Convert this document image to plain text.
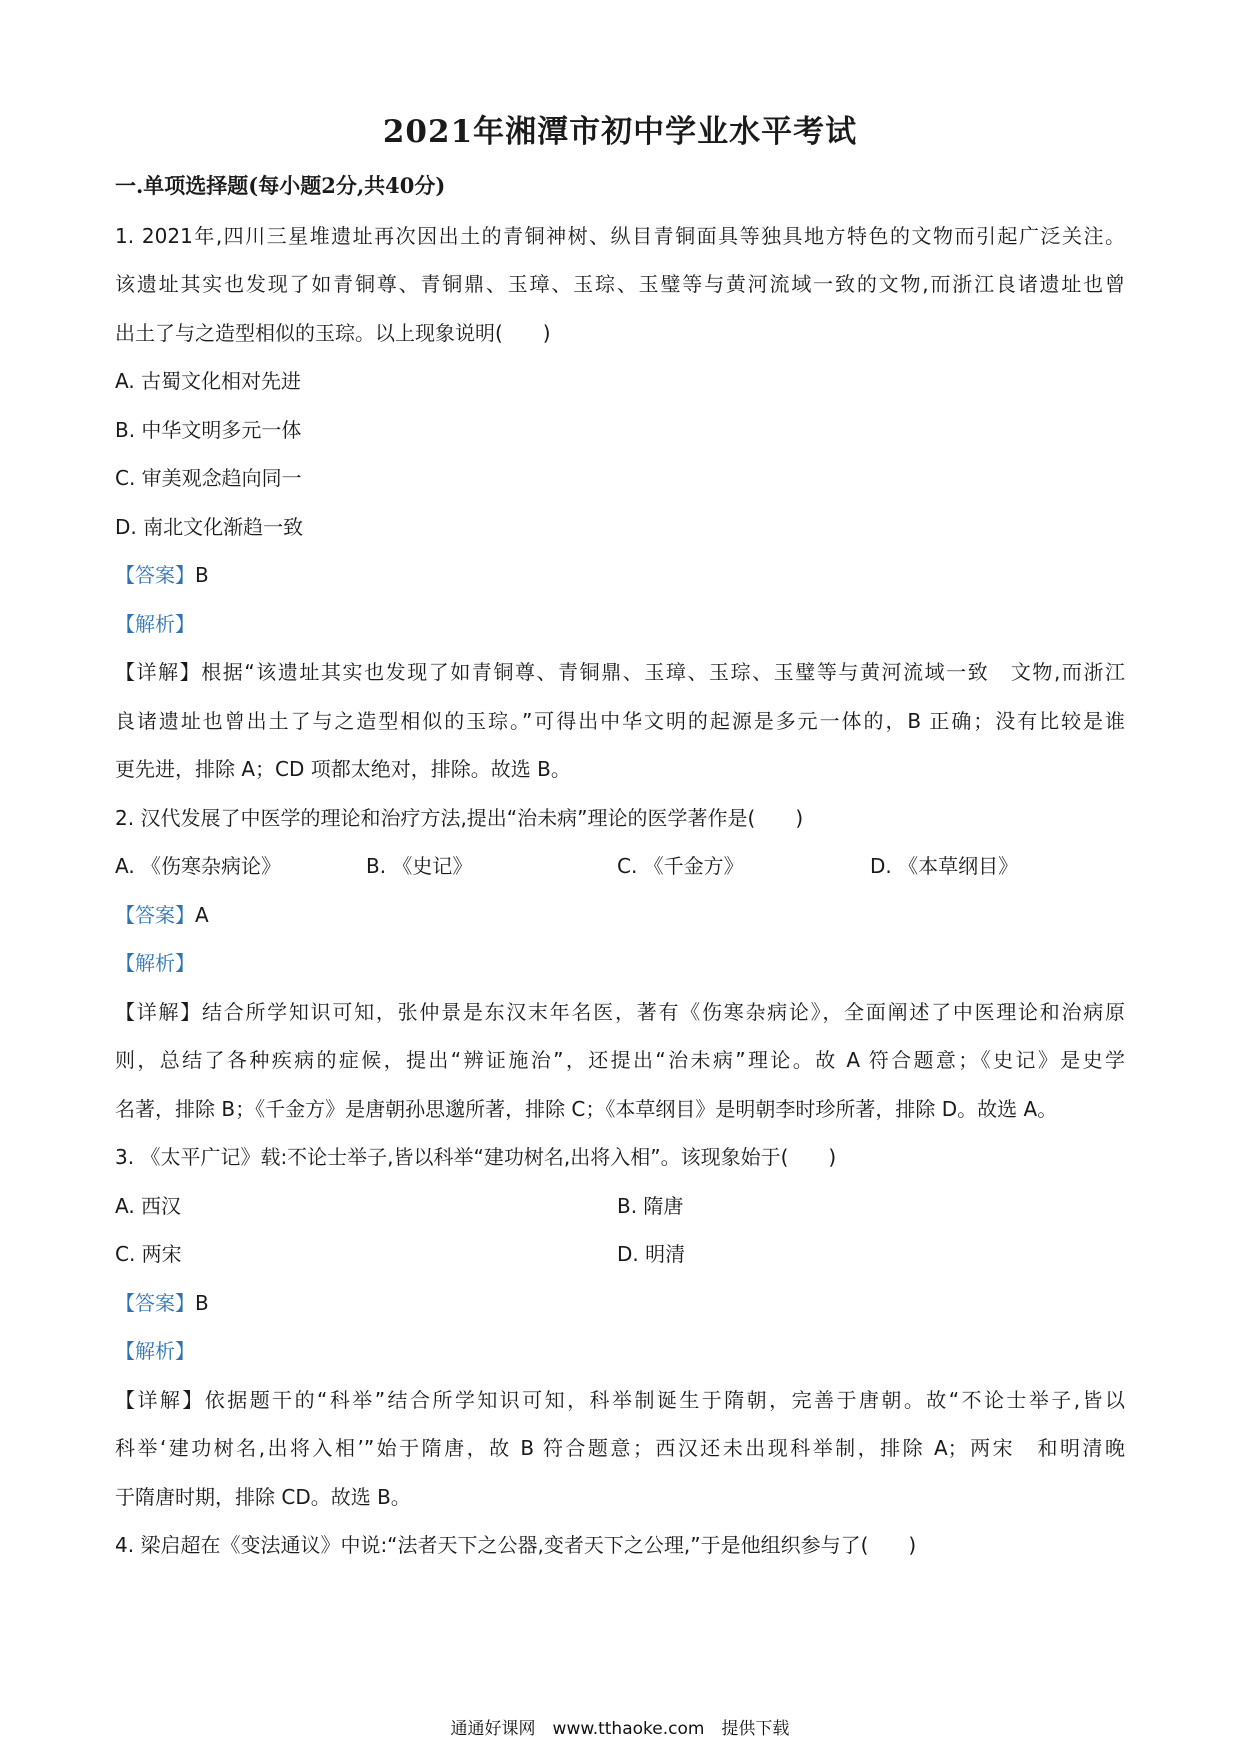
2021年湘潭市初中学业水平考试
一.单项选择题(每小题2分,共40分)
1. 2021年,四川三星堆遗址再次因出土的青铜神树、纵目青铜面具等独具地方特色的文物而引起广泛关注。
该遗址其实也发现了如青铜尊、青铜鼎、玉璋、玉琮、玉璧等与黄河流域一致的文物,而浙江良诸遗址也曾
出土了与之造型相似的玉琮。以上现象说明(　　)
A. 古蜀文化相对先进
B. 中华文明多元一体
C. 审美观念趋向同一
D. 南北文化渐趋一致
【答案】B
【解析】
【详解】根据“该遗址其实也发现了如青铜尊、青铜鼎、玉璋、玉琮、玉璧等与黄河流域一致　文物,而浙江
良诸遗址也曾出土了与之造型相似的玉琮。”可得出中华文明的起源是多元一体的，B 正确；没有比较是谁
更先进，排除 A；CD 项都太绝对，排除。故选 B。
2. 汉代发展了中医学的理论和治疗方法,提出“治未病”理论的医学著作是(　　)
A. 《伤寒杂病论》	B. 《史记》	C. 《千金方》	D. 《本草纲目》
【答案】A
【解析】
【详解】结合所学知识可知，张仲景是东汉末年名医，著有《伤寒杂病论》，全面阐述了中医理论和治病原
则，总结了各种疾病的症候，提出“辨证施治”，还提出“治未病”理论。故 A 符合题意；《史记》是史学
名著，排除 B；《千金方》是唐朝孙思邈所著，排除 C；《本草纲目》是明朝李时珍所著，排除 D。故选 A。
3. 《太平广记》载:不论士举子,皆以科举“建功树名,出将入相”。该现象始于(　　)
A. 西汉	B. 隋唐
C. 两宋	D. 明清
【答案】B
【解析】
【详解】依据题干的“科举”结合所学知识可知，科举制诞生于隋朝，完善于唐朝。故“不论士举子,皆以
科举‘建功树名,出将入相’”始于隋唐，故 B 符合题意；西汉还未出现科举制，排除 A；两宋　和明清晚
于隋唐时期，排除 CD。故选 B。
4. 梁启超在《变法通议》中说:“法者天下之公器,变者天下之公理,”于是他组织参与了(　　)
通通好课网　www.tthaoke.com　提供下载
